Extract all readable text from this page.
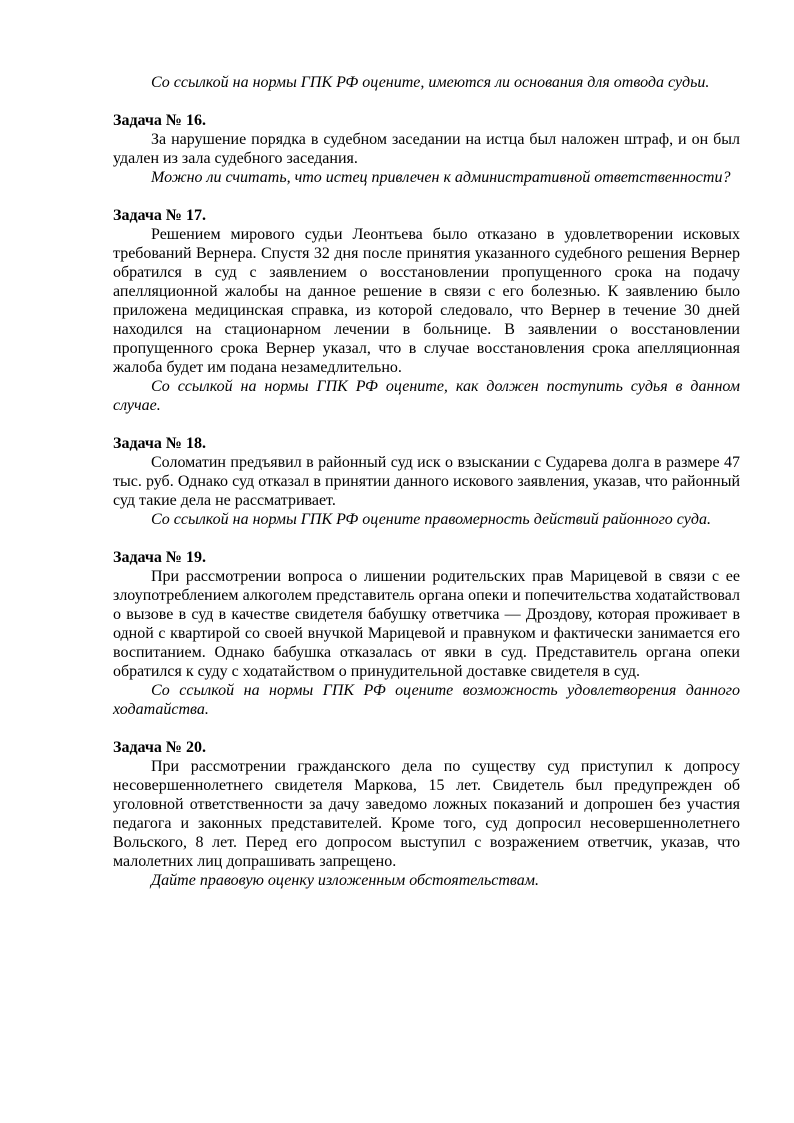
Со ссылкой на нормы ГПК РФ оцените, имеются ли основания для отвода судьи.

Задача № 16.

За нарушение порядка в судебном заседании на истца был наложен штраф, и он был удален из зала судебного заседания.

Можно ли считать, что истец привлечен к административной ответственности?

Задача № 17.

Решением мирового судьи Леонтьева было отказано в удовлетворении исковых требований Вернера. Спустя 32 дня после принятия указанного судебного решения Вернер обратился в суд с заявлением о восстановлении пропущенного срока на подачу апелляционной жалобы на данное решение в связи с его болезнью. К заявлению было приложена медицинская справка, из которой следовало, что Вернер в течение 30 дней находился на стационарном лечении в больнице. В заявлении о восстановлении пропущенного срока Вернер указал, что в случае восстановления срока апелляционная жалоба будет им подана незамедлительно.

Со ссылкой на нормы ГПК РФ оцените, как должен поступить судья в данном случае.

Задача № 18.

Соломатин предъявил в районный суд иск о взыскании с Сударева долга в размере 47 тыс. руб. Однако суд отказал в принятии данного искового заявления, указав, что районный суд такие дела не рассматривает.

Со ссылкой на нормы ГПК РФ оцените правомерность действий районного суда.

Задача № 19.

При рассмотрении вопроса о лишении родительских прав Марицевой в связи с ее злоупотреблением алкоголем представитель органа опеки и попечительства ходатайствовал о вызове в суд в качестве свидетеля бабушку ответчика — Дроздову, которая проживает в одной с квартирой со своей внучкой Марицевой и правнуком и фактически занимается его воспитанием. Однако бабушка отказалась от явки в суд. Представитель органа опеки обратился к суду с ходатайством о принудительной доставке свидетеля в суд.

Со ссылкой на нормы ГПК РФ оцените возможность удовлетворения данного ходатайства.

Задача № 20.

При рассмотрении гражданского дела по существу суд приступил к допросу несовершеннолетнего свидетеля Маркова, 15 лет. Свидетель был предупрежден об уголовной ответственности за дачу заведомо ложных показаний и допрошен без участия педагога и законных представителей. Кроме того, суд допросил несовершеннолетнего Вольского, 8 лет. Перед его допросом выступил с возражением ответчик, указав, что малолетних лиц допрашивать запрещено.

Дайте правовую оценку изложенным обстоятельствам.
